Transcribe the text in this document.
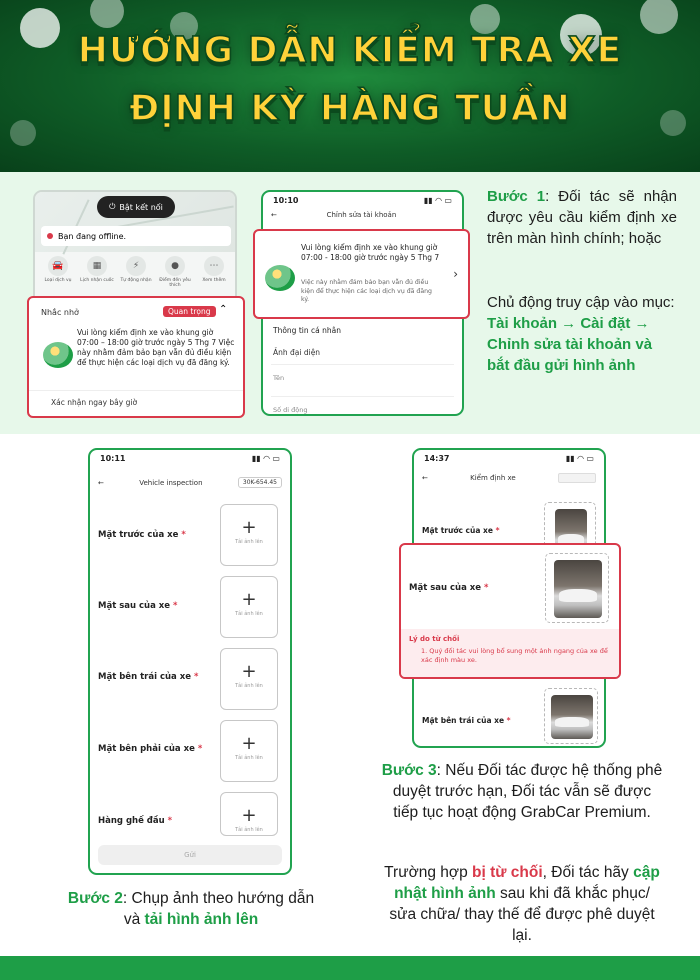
HƯỚNG DẪN KIỂM TRA XE
ĐỊNH KỲ HÀNG TUẦN
⏻ Bật kết nối
Bạn đang offline.
🚘
Loại dịch vụ
▦
Lịch nhận cuốc
⚡
Tự động nhận
●
Điểm đến yêu thích
⋯
Xem thêm
Nhắc nhở	Quan trọng ⌃
Vui lòng kiểm định xe vào khung giờ 07:00 – 18:00 giờ trước ngày 5 Thg 7 Việc này nhằm đảm bảo bạn vẫn đủ điều kiện để thực hiện các loại dịch vụ đã đăng ký.
Xác nhận ngay bây giờ
10:10	▮▮ ◠ ▭
←	Chỉnh sửa tài khoản
Thông tin cá nhân
Ảnh đại diện
Tên
Số di động
Vui lòng kiểm định xe vào khung giờ 07:00 - 18:00 giờ trước ngày 5 Thg 7
Việc này nhằm đảm bảo bạn vẫn đủ điều kiện để thực hiện các loại dịch vụ đã đăng ký.
›
Bước 1: Đối tác sẽ nhận được yêu cầu kiểm định xe trên màn hình chính; hoặc
Chủ động truy cập vào mục: Tài khoản → Cài đặt → Chỉnh sửa tài khoản và bắt đầu gửi hình ảnh
10:11	▮▮ ◠ ▭
←	Vehicle inspection	30K-654.45
Mặt trước của xe *	+
Tải ảnh lên
Mặt sau của xe *	+
Tải ảnh lên
Mặt bên trái của xe *	+
Tải ảnh lên
Mặt bên phải của xe *	+
Tải ảnh lên
Hàng ghế đầu *	+
Tải ảnh lên
Gửi
Bước 2: Chụp ảnh theo hướng dẫn và tải hình ảnh lên
14:37	▮▮ ◠ ▭
←	Kiểm định xe
Mặt trước của xe *
Mặt bên trái của xe *
Mặt sau của xe *
Lý do từ chối
1. Quý đối tác vui lòng bổ sung một ảnh ngang của xe để xác định màu xe.
Bước 3: Nếu Đối tác được hệ thống phê duyệt trước hạn, Đối tác vẫn sẽ được tiếp tục hoạt động GrabCar Premium.
Trường hợp bị từ chối, Đối tác hãy cập nhật hình ảnh sau khi đã khắc phục/ sửa chữa/ thay thế để được phê duyệt lại.
